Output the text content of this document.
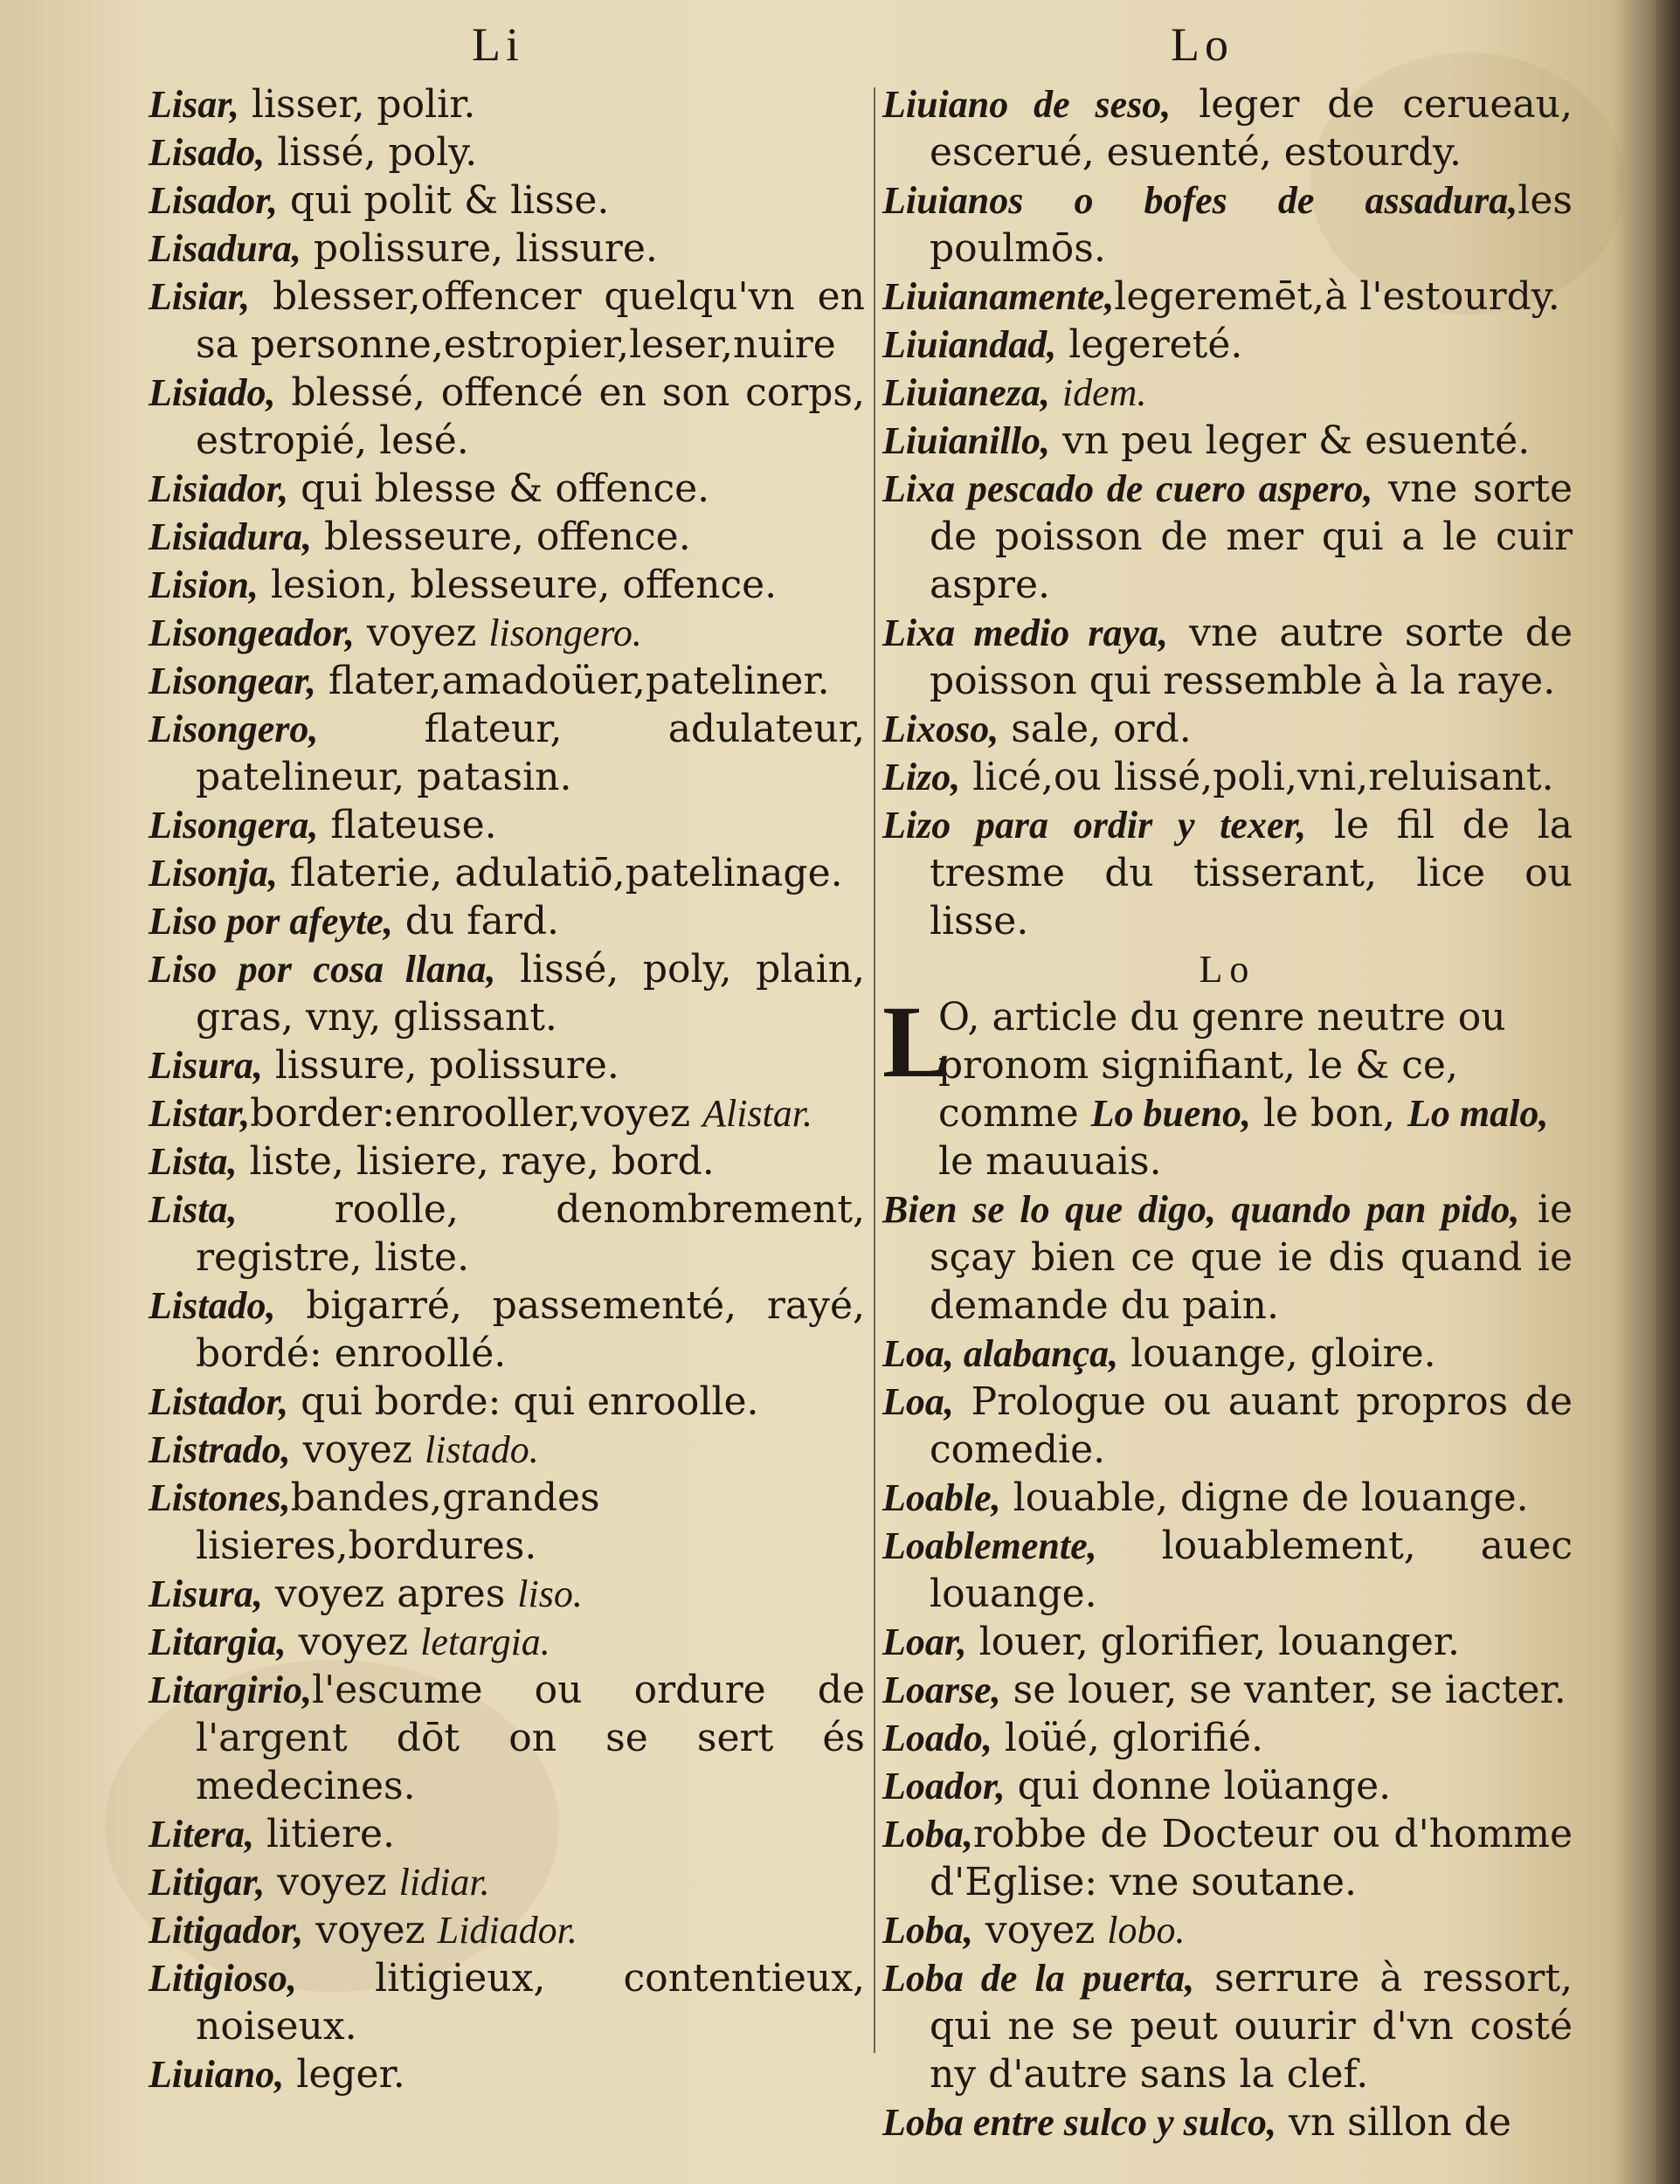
Li	Lo
Lisar, lisser, polir.
Lisado, lissé, poly.
Lisador, qui polit & lisse.
Lisadura, polissure, lissure.
Lisiar, blesser,offencer quelqu'vn en sa personne,estropier,leser,nuire
Lisiado, blessé, offencé en son corps, estropié, lesé.
Lisiador, qui blesse & offence.
Lisiadura, blesseure, offence.
Lision, lesion, blesseure, offence.
Lisongeador, voyez lisongero.
Lisongear, flater,amadoüer,pateliner.
Lisongero, flateur, adulateur, patelineur, patasin.
Lisongera, flateuse.
Lisonja, flaterie, adulatiō,patelinage.
Liso por afeyte, du fard.
Liso por cosa llana, lissé, poly, plain, gras, vny, glissant.
Lisura, lissure, polissure.
Listar,border:enrooller,voyez Alistar.
Lista, liste, lisiere, raye, bord.
Lista, roolle, denombrement, registre, liste.
Listado, bigarré, passementé, rayé, bordé: enroollé.
Listador, qui borde: qui enroolle.
Listrado, voyez listado.
Listones,bandes,grandes lisieres,bordures.
Lisura, voyez apres liso.
Litargia, voyez letargia.
Litargirio,l'escume ou ordure de l'argent dōt on se sert és medecines.
Litera, litiere.
Litigar, voyez lidiar.
Litigador, voyez Lidiador.
Litigioso, litigieux, contentieux, noiseux.
Liuiano, leger.
Liuiano de seso, leger de cerueau, escerué, esuenté, estourdy.
Liuianos o bofes de assadura,les poulmōs.
Liuianamente,legeremēt,à l'estourdy.
Liuiandad, legereté.
Liuianeza, idem.
Liuianillo, vn peu leger & esuenté.
Lixa pescado de cuero aspero, vne sorte de poisson de mer qui a le cuir aspre.
Lixa medio raya, vne autre sorte de poisson qui ressemble à la raye.
Lixoso, sale, ord.
Lizo, licé,ou lissé,poli,vni,reluisant.
Lizo para ordir y texer, le fil de la tresme du tisserant, lice ou lisse.
Lo
L
O, article du genre neutre ou pronom signifiant, le & ce, comme Lo bueno, le bon, Lo malo, le mauuais.
Bien se lo que digo, quando pan pido, ie sçay bien ce que ie dis quand ie demande du pain.
Loa, alabança, louange, gloire.
Loa, Prologue ou auant propros de comedie.
Loable, louable, digne de louange.
Loablemente, louablement, auec louange.
Loar, louer, glorifier, louanger.
Loarse, se louer, se vanter, se iacter.
Loado, loüé, glorifié.
Loador, qui donne loüange.
Loba,robbe de Docteur ou d'homme d'Eglise: vne soutane.
Loba, voyez lobo.
Loba de la puerta, serrure à ressort, qui ne se peut ouurir d'vn costé ny d'autre sans la clef.
Loba entre sulco y sulco, vn sillon de
